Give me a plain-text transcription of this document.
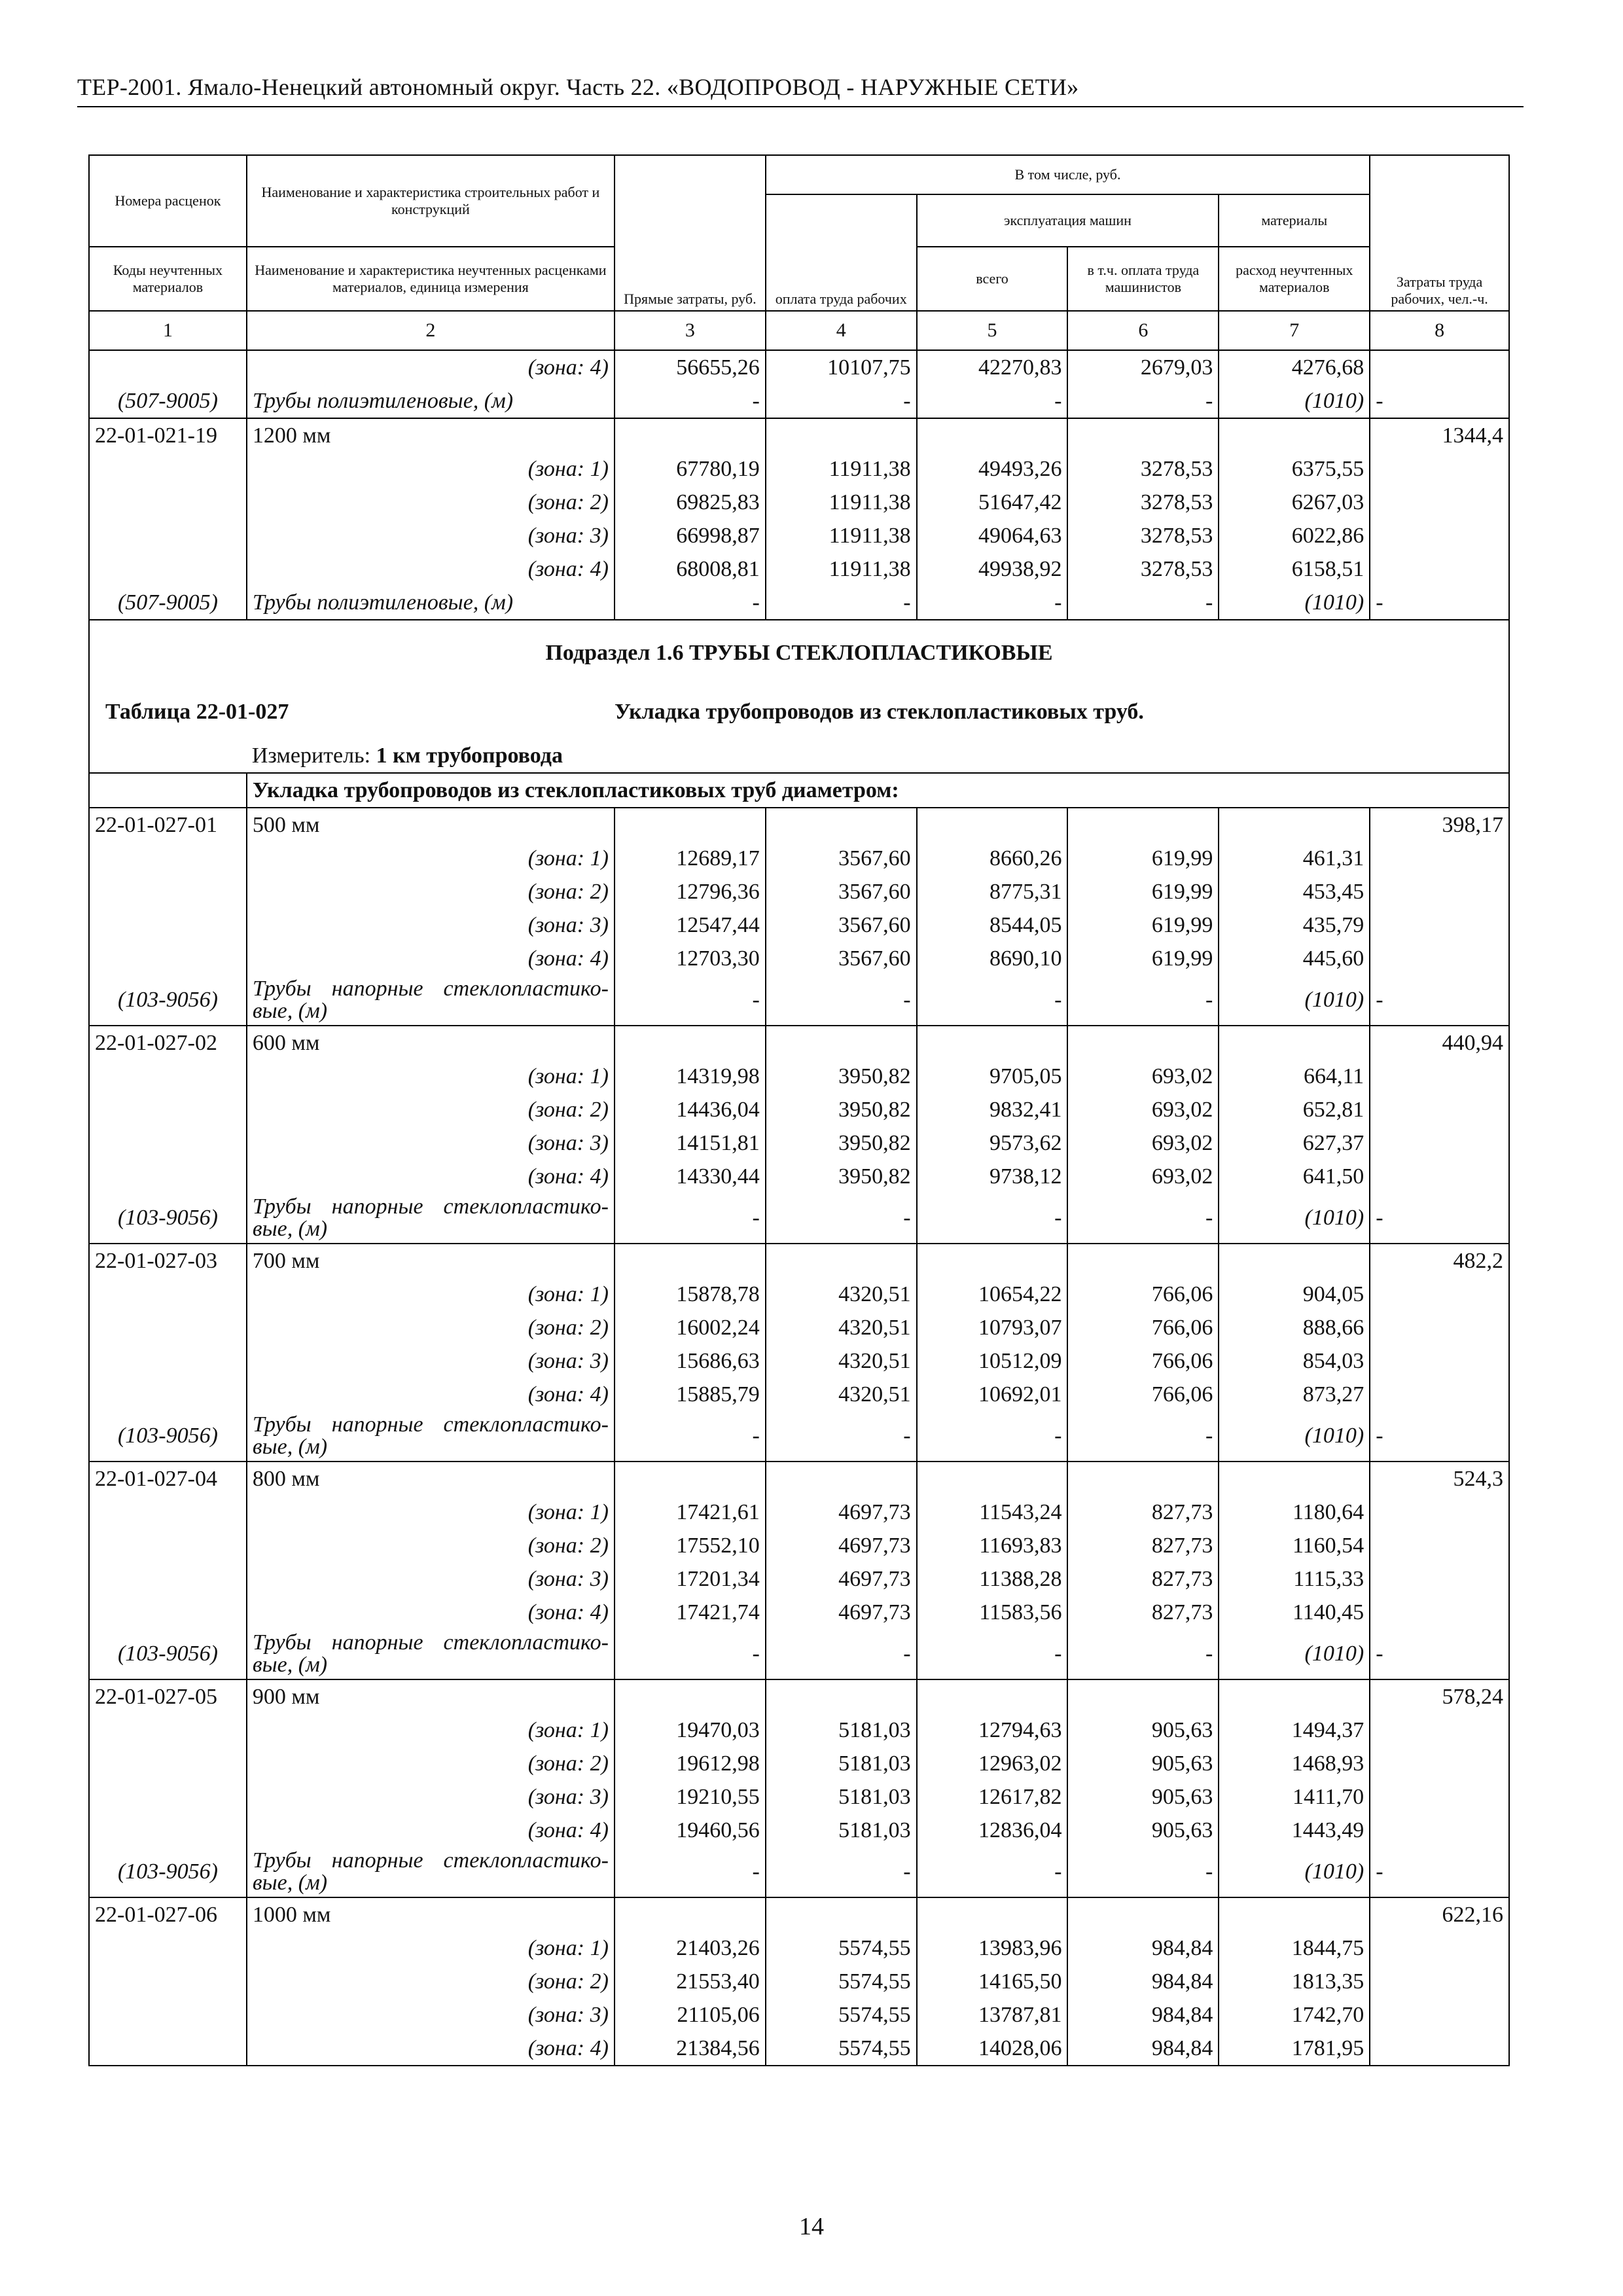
ТЕР-2001. Ямало-Ненецкий автономный округ. Часть 22. «ВОДОПРОВОД - НАРУЖНЫЕ СЕТИ»
Номера расценок	Наименование и характеристика строительных работ и конструкций	Прямые затраты, руб.	В том числе, руб.				Затраты труда рабочих, чел.-ч.
			оплата труда рабочих	эксплуатация машин		материалы	
Коды неучтенных материалов	Наименование и характеристика неучтенных расценками материалов, единица измерения			всего	в т.ч. оплата труда машинистов	расход неучтенных материалов	
1	2	3	4	5	6	7	8
	(зона: 4)	56655,26	10107,75	42270,83	2679,03	4276,68	
(507-9005)	Трубы полиэтиленовые, (м)	-	-	-	-	(1010)	-
22-01-021-19	1200 мм						1344,4
	(зона: 1)	67780,19	11911,38	49493,26	3278,53	6375,55	
	(зона: 2)	69825,83	11911,38	51647,42	3278,53	6267,03	
	(зона: 3)	66998,87	11911,38	49064,63	3278,53	6022,86	
	(зона: 4)	68008,81	11911,38	49938,92	3278,53	6158,51	
(507-9005)	Трубы полиэтиленовые, (м)	-	-	-	-	(1010)	-
Подраздел 1.6 ТРУБЫ СТЕКЛОПЛАСТИКОВЫЕ							
Таблица 22-01-027		Укладка трубопроводов из стеклопластиковых труб.					
	Измеритель: 1 км трубопровода						
	Укладка трубопроводов из стеклопластиковых труб диаметром:						
22-01-027-01	500 мм						398,17
	(зона: 1)	12689,17	3567,60	8660,26	619,99	461,31	
	(зона: 2)	12796,36	3567,60	8775,31	619,99	453,45	
	(зона: 3)	12547,44	3567,60	8544,05	619,99	435,79	
	(зона: 4)	12703,30	3567,60	8690,10	619,99	445,60	
(103-9056)	Трубы напорные стеклопластико-вые, (м)	-	-	-	-	(1010)	-
22-01-027-02	600 мм						440,94
	(зона: 1)	14319,98	3950,82	9705,05	693,02	664,11	
	(зона: 2)	14436,04	3950,82	9832,41	693,02	652,81	
	(зона: 3)	14151,81	3950,82	9573,62	693,02	627,37	
	(зона: 4)	14330,44	3950,82	9738,12	693,02	641,50	
(103-9056)	Трубы напорные стеклопластико-вые, (м)	-	-	-	-	(1010)	-
22-01-027-03	700 мм						482,2
	(зона: 1)	15878,78	4320,51	10654,22	766,06	904,05	
	(зона: 2)	16002,24	4320,51	10793,07	766,06	888,66	
	(зона: 3)	15686,63	4320,51	10512,09	766,06	854,03	
	(зона: 4)	15885,79	4320,51	10692,01	766,06	873,27	
(103-9056)	Трубы напорные стеклопластико-вые, (м)	-	-	-	-	(1010)	-
22-01-027-04	800 мм						524,3
	(зона: 1)	17421,61	4697,73	11543,24	827,73	1180,64	
	(зона: 2)	17552,10	4697,73	11693,83	827,73	1160,54	
	(зона: 3)	17201,34	4697,73	11388,28	827,73	1115,33	
	(зона: 4)	17421,74	4697,73	11583,56	827,73	1140,45	
(103-9056)	Трубы напорные стеклопластико-вые, (м)	-	-	-	-	(1010)	-
22-01-027-05	900 мм						578,24
	(зона: 1)	19470,03	5181,03	12794,63	905,63	1494,37	
	(зона: 2)	19612,98	5181,03	12963,02	905,63	1468,93	
	(зона: 3)	19210,55	5181,03	12617,82	905,63	1411,70	
	(зона: 4)	19460,56	5181,03	12836,04	905,63	1443,49	
(103-9056)	Трубы напорные стеклопластико-вые, (м)	-	-	-	-	(1010)	-
22-01-027-06	1000 мм						622,16
	(зона: 1)	21403,26	5574,55	13983,96	984,84	1844,75	
	(зона: 2)	21553,40	5574,55	14165,50	984,84	1813,35	
	(зона: 3)	21105,06	5574,55	13787,81	984,84	1742,70	
	(зона: 4)	21384,56	5574,55	14028,06	984,84	1781,95	
14
